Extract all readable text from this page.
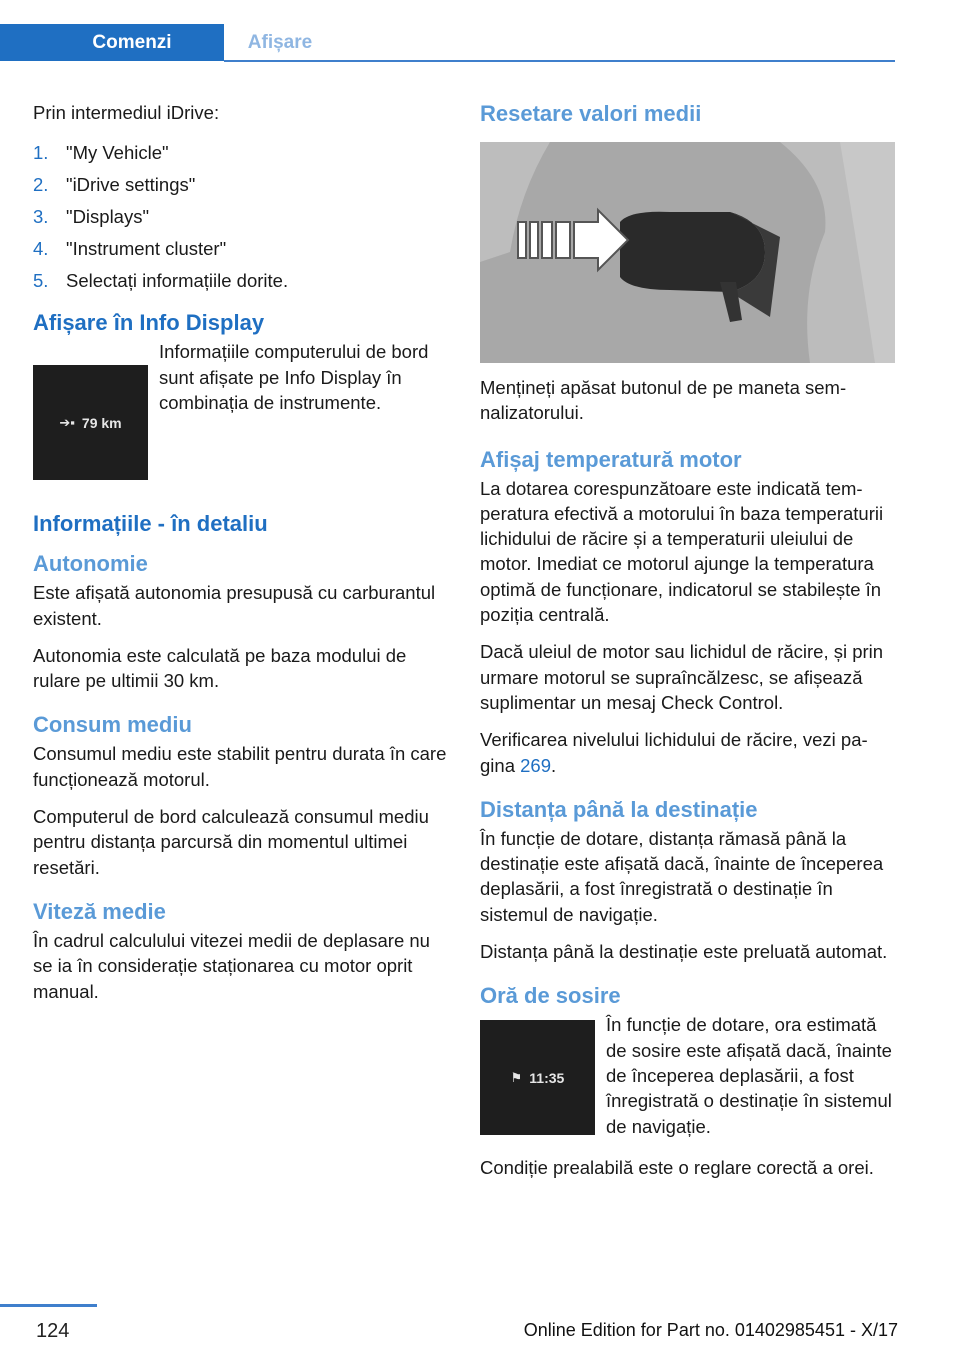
Comenzi	Afișare

Prin intermediul iDrive:

1. "My Vehicle"
2. "iDrive settings"
3. "Displays"
4. "Instrument cluster"
5. Selectați informațiile dorite.
Afișare în Info Display
➔▪ 79 km

Informațiile computerului de bord sunt afișate pe Info Display în combinația de instrumente.

Informațiile - în detaliu
Autonomie

Este afișată autonomia presupusă cu carburantul existent.

Autonomia este calculată pe baza modului de rulare pe ultimii 30 km.

Consum mediu

Consumul mediu este stabilit pentru durata în care funcționează motorul.

Computerul de bord calculează consumul mediu pentru distanța parcursă din momentul ultimei resetări.

Viteză medie

În cadrul calculului vitezei medii de deplasare nu se ia în considerație staționarea cu motor oprit manual.

Resetare valori medii

Mențineți apăsat butonul de pe maneta semnalizatorului.

Afișaj temperatură motor

La dotarea corespunzătoare este indicată temperatura efectivă a motorului în baza temperaturii lichidului de răcire și a temperaturii uleiului de motor. Imediat ce motorul ajunge la temperatura optimă de funcționare, indicatorul se stabilește în poziția centrală.

Dacă uleiul de motor sau lichidul de răcire, și prin urmare motorul se supraîncălzesc, se afișează suplimentar un mesaj Check Control.

Verificarea nivelului lichidului de răcire, vezi pagina 269.

Distanța până la destinație

În funcție de dotare, distanța rămasă până la destinație este afișată dacă, înainte de începerea deplasării, a fost înregistrată o destinație în sistemul de navigație.

Distanța până la destinație este preluată automat.

Oră de sosire
⚑ 11:35

În funcție de dotare, ora estimată de sosire este afișată dacă, înainte de începerea deplasării, a fost înregistrată o destinație în sistemul de navigație.

Condiție prealabilă este o reglare corectă a orei.

124	Online Edition for Part no. 01402985451 - X/17
